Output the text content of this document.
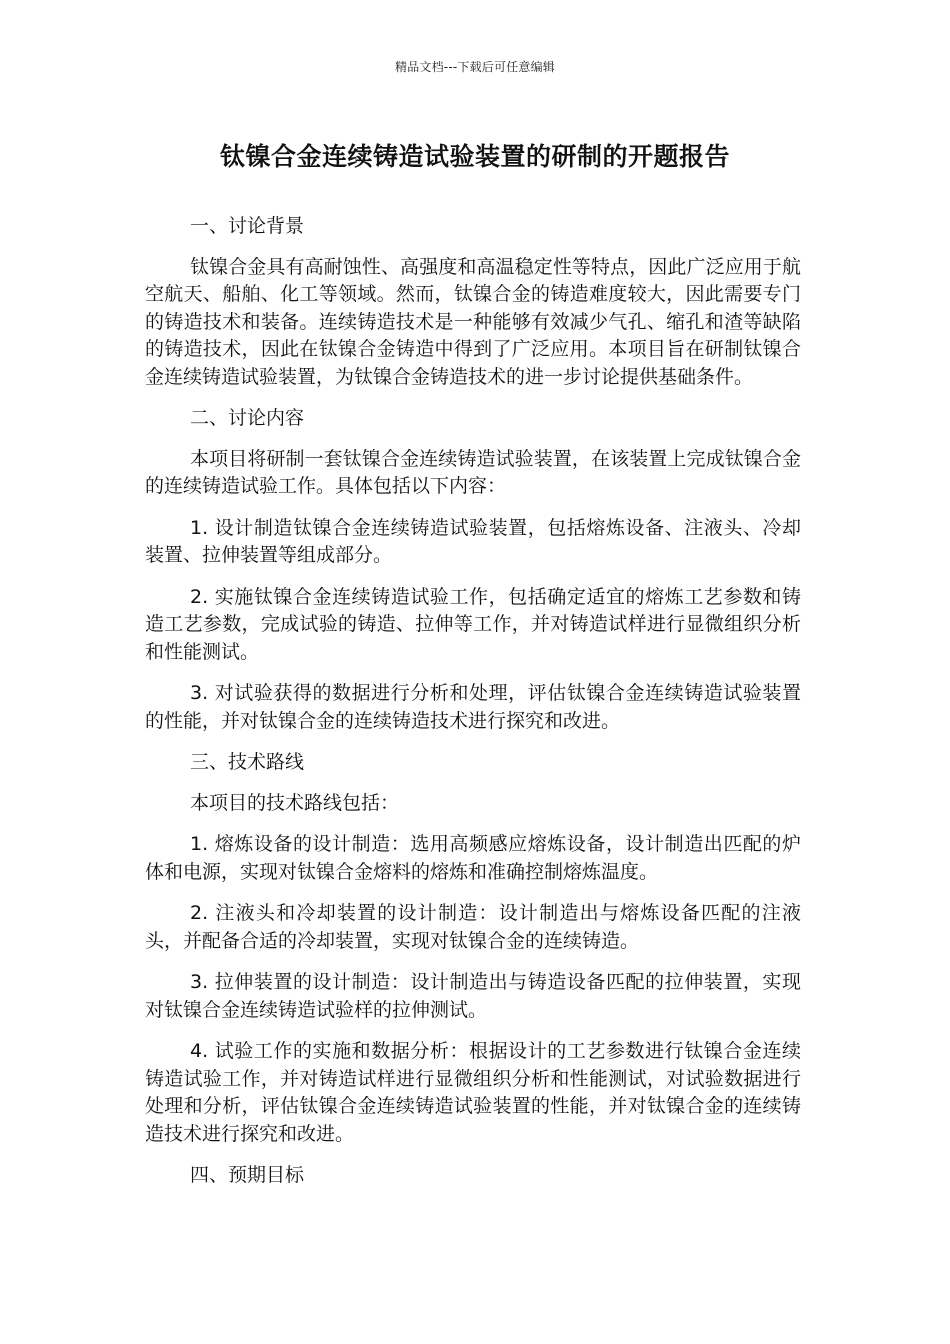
精品文档---下载后可任意编辑
钛镍合金连续铸造试验装置的研制的开题报告

一、讨论背景

钛镍合金具有高耐蚀性、高强度和高温稳定性等特点，因此广泛应用于航空航天、船舶、化工等领域。然而，钛镍合金的铸造难度较大，因此需要专门的铸造技术和装备。连续铸造技术是一种能够有效减少气孔、缩孔和渣等缺陷的铸造技术，因此在钛镍合金铸造中得到了广泛应用。本项目旨在研制钛镍合金连续铸造试验装置，为钛镍合金铸造技术的进一步讨论提供基础条件。

二、讨论内容

本项目将研制一套钛镍合金连续铸造试验装置，在该装置上完成钛镍合金的连续铸造试验工作。具体包括以下内容：

1. 设计制造钛镍合金连续铸造试验装置，包括熔炼设备、注液头、冷却装置、拉伸装置等组成部分。

2. 实施钛镍合金连续铸造试验工作，包括确定适宜的熔炼工艺参数和铸造工艺参数，完成试验的铸造、拉伸等工作，并对铸造试样进行显微组织分析和性能测试。

3. 对试验获得的数据进行分析和处理，评估钛镍合金连续铸造试验装置的性能，并对钛镍合金的连续铸造技术进行探究和改进。

三、技术路线

本项目的技术路线包括：

1. 熔炼设备的设计制造：选用高频感应熔炼设备，设计制造出匹配的炉体和电源，实现对钛镍合金熔料的熔炼和准确控制熔炼温度。

2. 注液头和冷却装置的设计制造：设计制造出与熔炼设备匹配的注液头，并配备合适的冷却装置，实现对钛镍合金的连续铸造。

3. 拉伸装置的设计制造：设计制造出与铸造设备匹配的拉伸装置，实现对钛镍合金连续铸造试验样的拉伸测试。

4. 试验工作的实施和数据分析：根据设计的工艺参数进行钛镍合金连续铸造试验工作，并对铸造试样进行显微组织分析和性能测试，对试验数据进行处理和分析，评估钛镍合金连续铸造试验装置的性能，并对钛镍合金的连续铸造技术进行探究和改进。

四、预期目标
